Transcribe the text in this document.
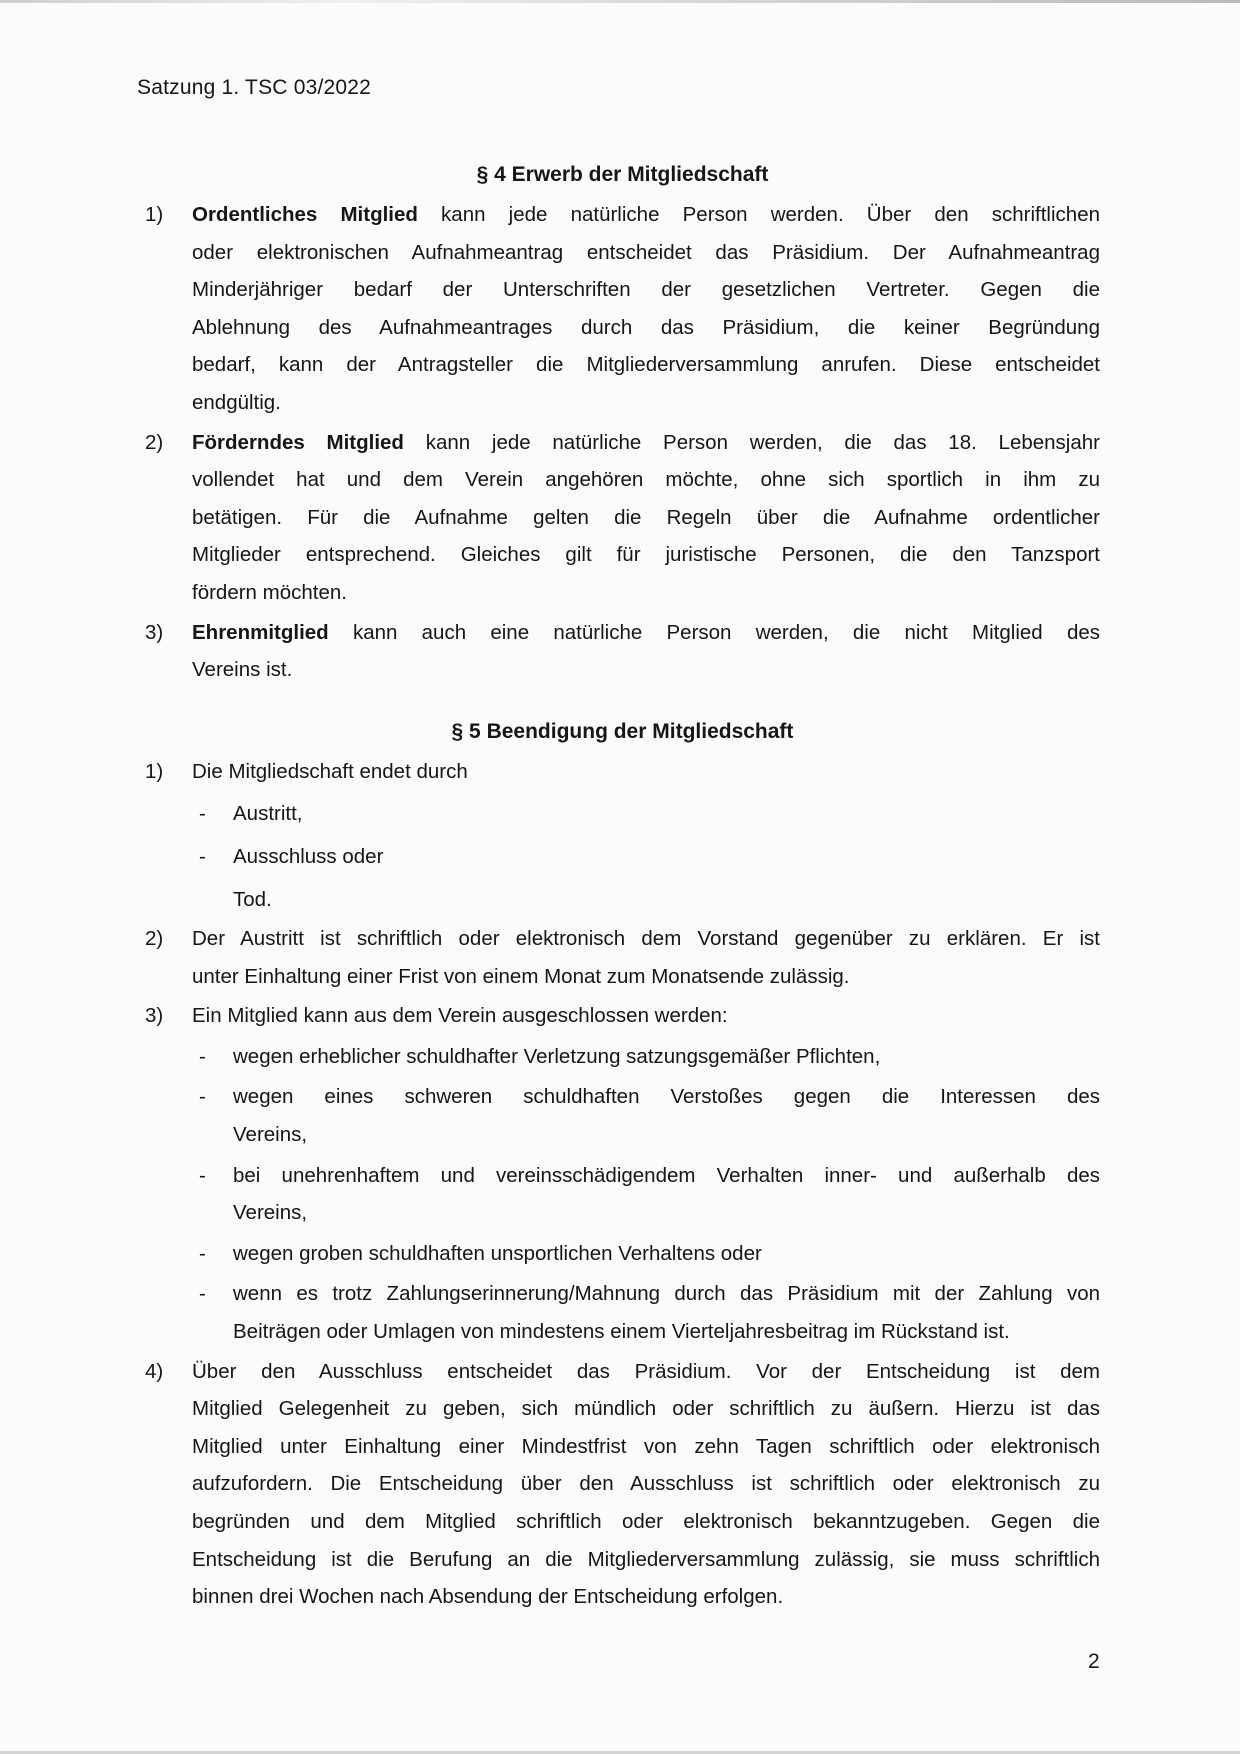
Satzung 1. TSC 03/2022
§ 4 Erwerb der Mitgliedschaft
1)	Ordentliches Mitglied kann jede natürliche Person werden. Über den schriftlichen
oder elektronischen Aufnahmeantrag entscheidet das Präsidium. Der Aufnahmeantrag
Minderjähriger bedarf der Unterschriften der gesetzlichen Vertreter. Gegen die
Ablehnung des Aufnahmeantrages durch das Präsidium, die keiner Begründung
bedarf, kann der Antragsteller die Mitgliederversammlung anrufen. Diese entscheidet
endgültig.
2)	Förderndes Mitglied kann jede natürliche Person werden, die das 18. Lebensjahr
vollendet hat und dem Verein angehören möchte, ohne sich sportlich in ihm zu
betätigen. Für die Aufnahme gelten die Regeln über die Aufnahme ordentlicher
Mitglieder entsprechend. Gleiches gilt für juristische Personen, die den Tanzsport
fördern möchten.
3)	Ehrenmitglied kann auch eine natürliche Person werden, die nicht Mitglied des
Vereins ist.
§ 5 Beendigung der Mitgliedschaft
1)	Die Mitgliedschaft endet durch
-	Austritt,
-	Ausschluss oder
Tod.
2)	Der Austritt ist schriftlich oder elektronisch dem Vorstand gegenüber zu erklären. Er ist
unter Einhaltung einer Frist von einem Monat zum Monatsende zulässig.
3)	Ein Mitglied kann aus dem Verein ausgeschlossen werden:
-	wegen erheblicher schuldhafter Verletzung satzungsgemäßer Pflichten,
-	wegen eines schweren schuldhaften Verstoßes gegen die Interessen des
Vereins,
-	bei unehrenhaftem und vereinsschädigendem Verhalten inner- und außerhalb des
Vereins,
-	wegen groben schuldhaften unsportlichen Verhaltens oder
-	wenn es trotz Zahlungserinnerung/Mahnung durch das Präsidium mit der Zahlung von
Beiträgen oder Umlagen von mindestens einem Vierteljahresbeitrag im Rückstand ist.
4)	Über den Ausschluss entscheidet das Präsidium. Vor der Entscheidung ist dem
Mitglied Gelegenheit zu geben, sich mündlich oder schriftlich zu äußern. Hierzu ist das
Mitglied unter Einhaltung einer Mindestfrist von zehn Tagen schriftlich oder elektronisch
aufzufordern. Die Entscheidung über den Ausschluss ist schriftlich oder elektronisch zu
begründen und dem Mitglied schriftlich oder elektronisch bekanntzugeben. Gegen die
Entscheidung ist die Berufung an die Mitgliederversammlung zulässig, sie muss schriftlich
binnen drei Wochen nach Absendung der Entscheidung erfolgen.
2
